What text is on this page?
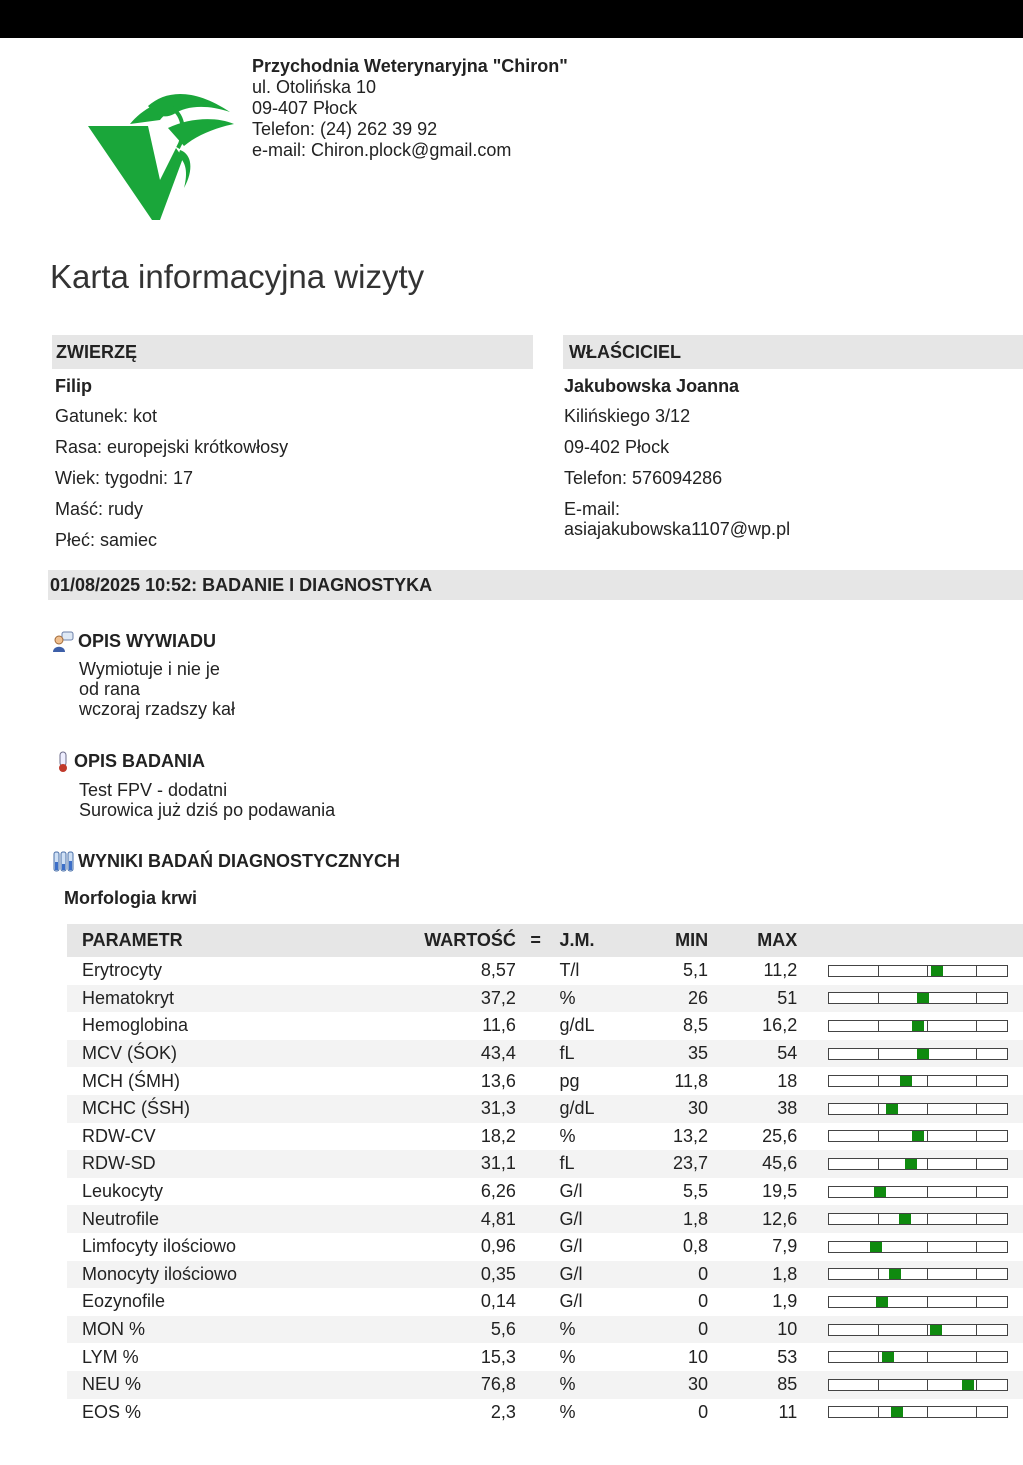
Przychodnia Weterynaryjna "Chiron"
ul. Otolińska 10
09-407 Płock
Telefon: (24) 262 39 92
e-mail: Chiron.plock@gmail.com
Karta informacyjna wizyty
ZWIERZĘ
Filip
Gatunek: kot
Rasa: europejski krótkowłosy
Wiek: tygodni: 17
Maść: rudy
Płeć: samiec
WŁAŚCICIEL
Jakubowska Joanna
Kilińskiego 3/12
09-402 Płock
Telefon: 576094286
E-mail:
asiajakubowska1107@wp.pl
01/08/2025 10:52: BADANIE I DIAGNOSTYKA
OPIS WYWIADU
Wymiotuje i nie je
od rana
wczoraj rzadszy kał
OPIS BADANIA
Test FPV - dodatni
Surowica już dziś po podawania
WYNIKI BADAŃ DIAGNOSTYCZNYCH
Morfologia krwi
PARAMETR	WARTOŚĆ	=	J.M.	MIN	MAX	
Erytrocyty	8,57		T/l	5,1	11,2	

Hematokryt	37,2		%	26	51	

Hemoglobina	11,6		g/dL	8,5	16,2	

MCV (ŚOK)	43,4		fL	35	54	

MCH (ŚMH)	13,6		pg	11,8	18	

MCHC (ŚSH)	31,3		g/dL	30	38	

RDW-CV	18,2		%	13,2	25,6	

RDW-SD	31,1		fL	23,7	45,6	

Leukocyty	6,26		G/l	5,5	19,5	

Neutrofile	4,81		G/l	1,8	12,6	

Limfocyty ilościowo	0,96		G/l	0,8	7,9	

Monocyty ilościowo	0,35		G/l	0	1,8	

Eozynofile	0,14		G/l	0	1,9	

MON %	5,6		%	0	10	

LYM %	15,3		%	10	53	

NEU %	76,8		%	30	85	

EOS %	2,3		%	0	11	
